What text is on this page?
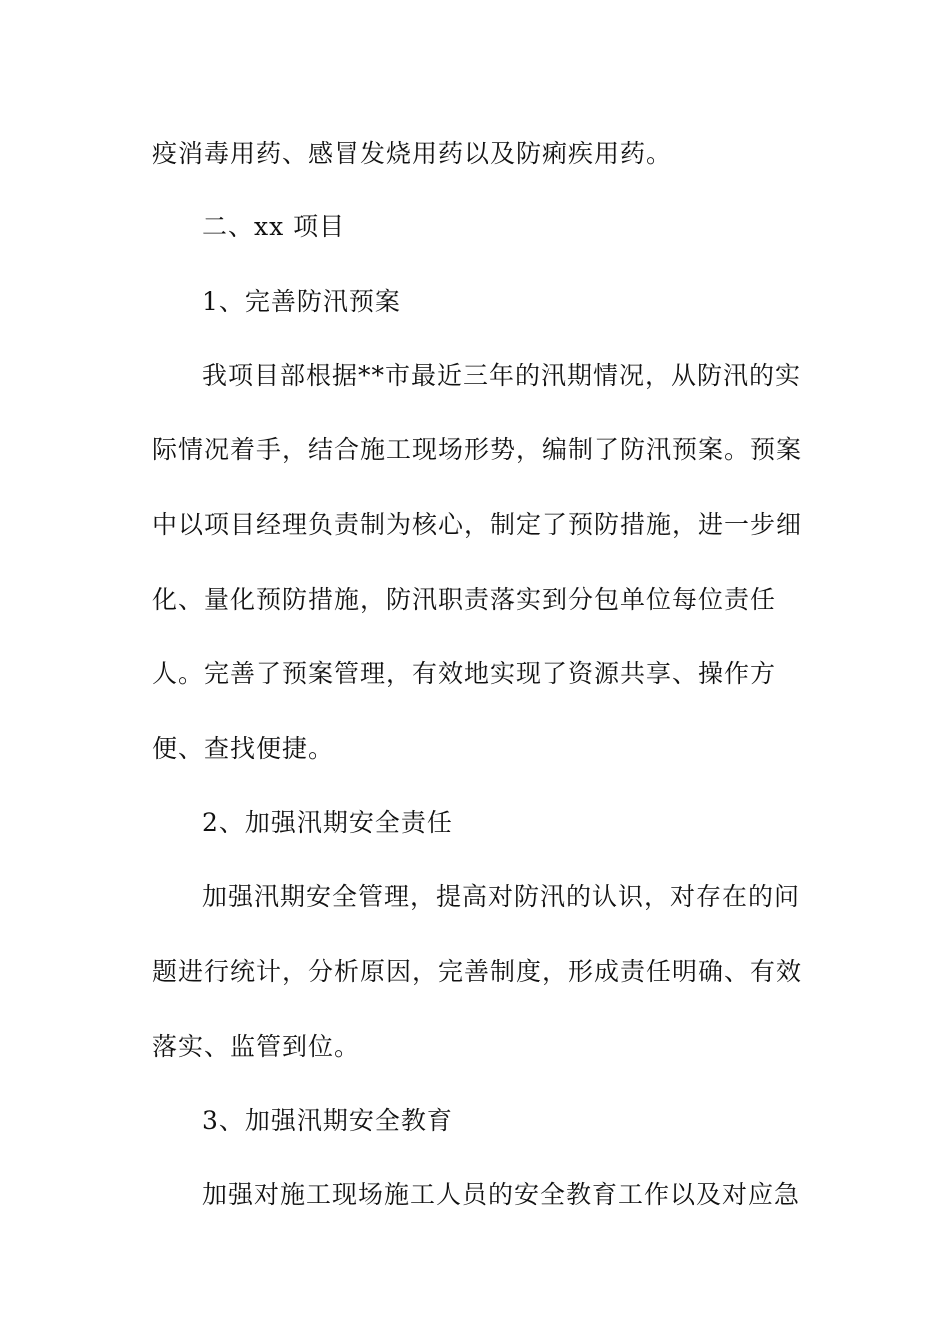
疫消毒用药、感冒发烧用药以及防痢疾用药。
二、xx 项目
1、完善防汛预案
我项目部根据**市最近三年的汛期情况，从防汛的实
际情况着手，结合施工现场形势，编制了防汛预案。预案
中以项目经理负责制为核心，制定了预防措施，进一步细
化、量化预防措施，防汛职责落实到分包单位每位责任
人。完善了预案管理，有效地实现了资源共享、操作方
便、查找便捷。
2、加强汛期安全责任
加强汛期安全管理，提高对防汛的认识，对存在的问
题进行统计，分析原因，完善制度，形成责任明确、有效
落实、监管到位。
3、加强汛期安全教育
加强对施工现场施工人员的安全教育工作以及对应急
